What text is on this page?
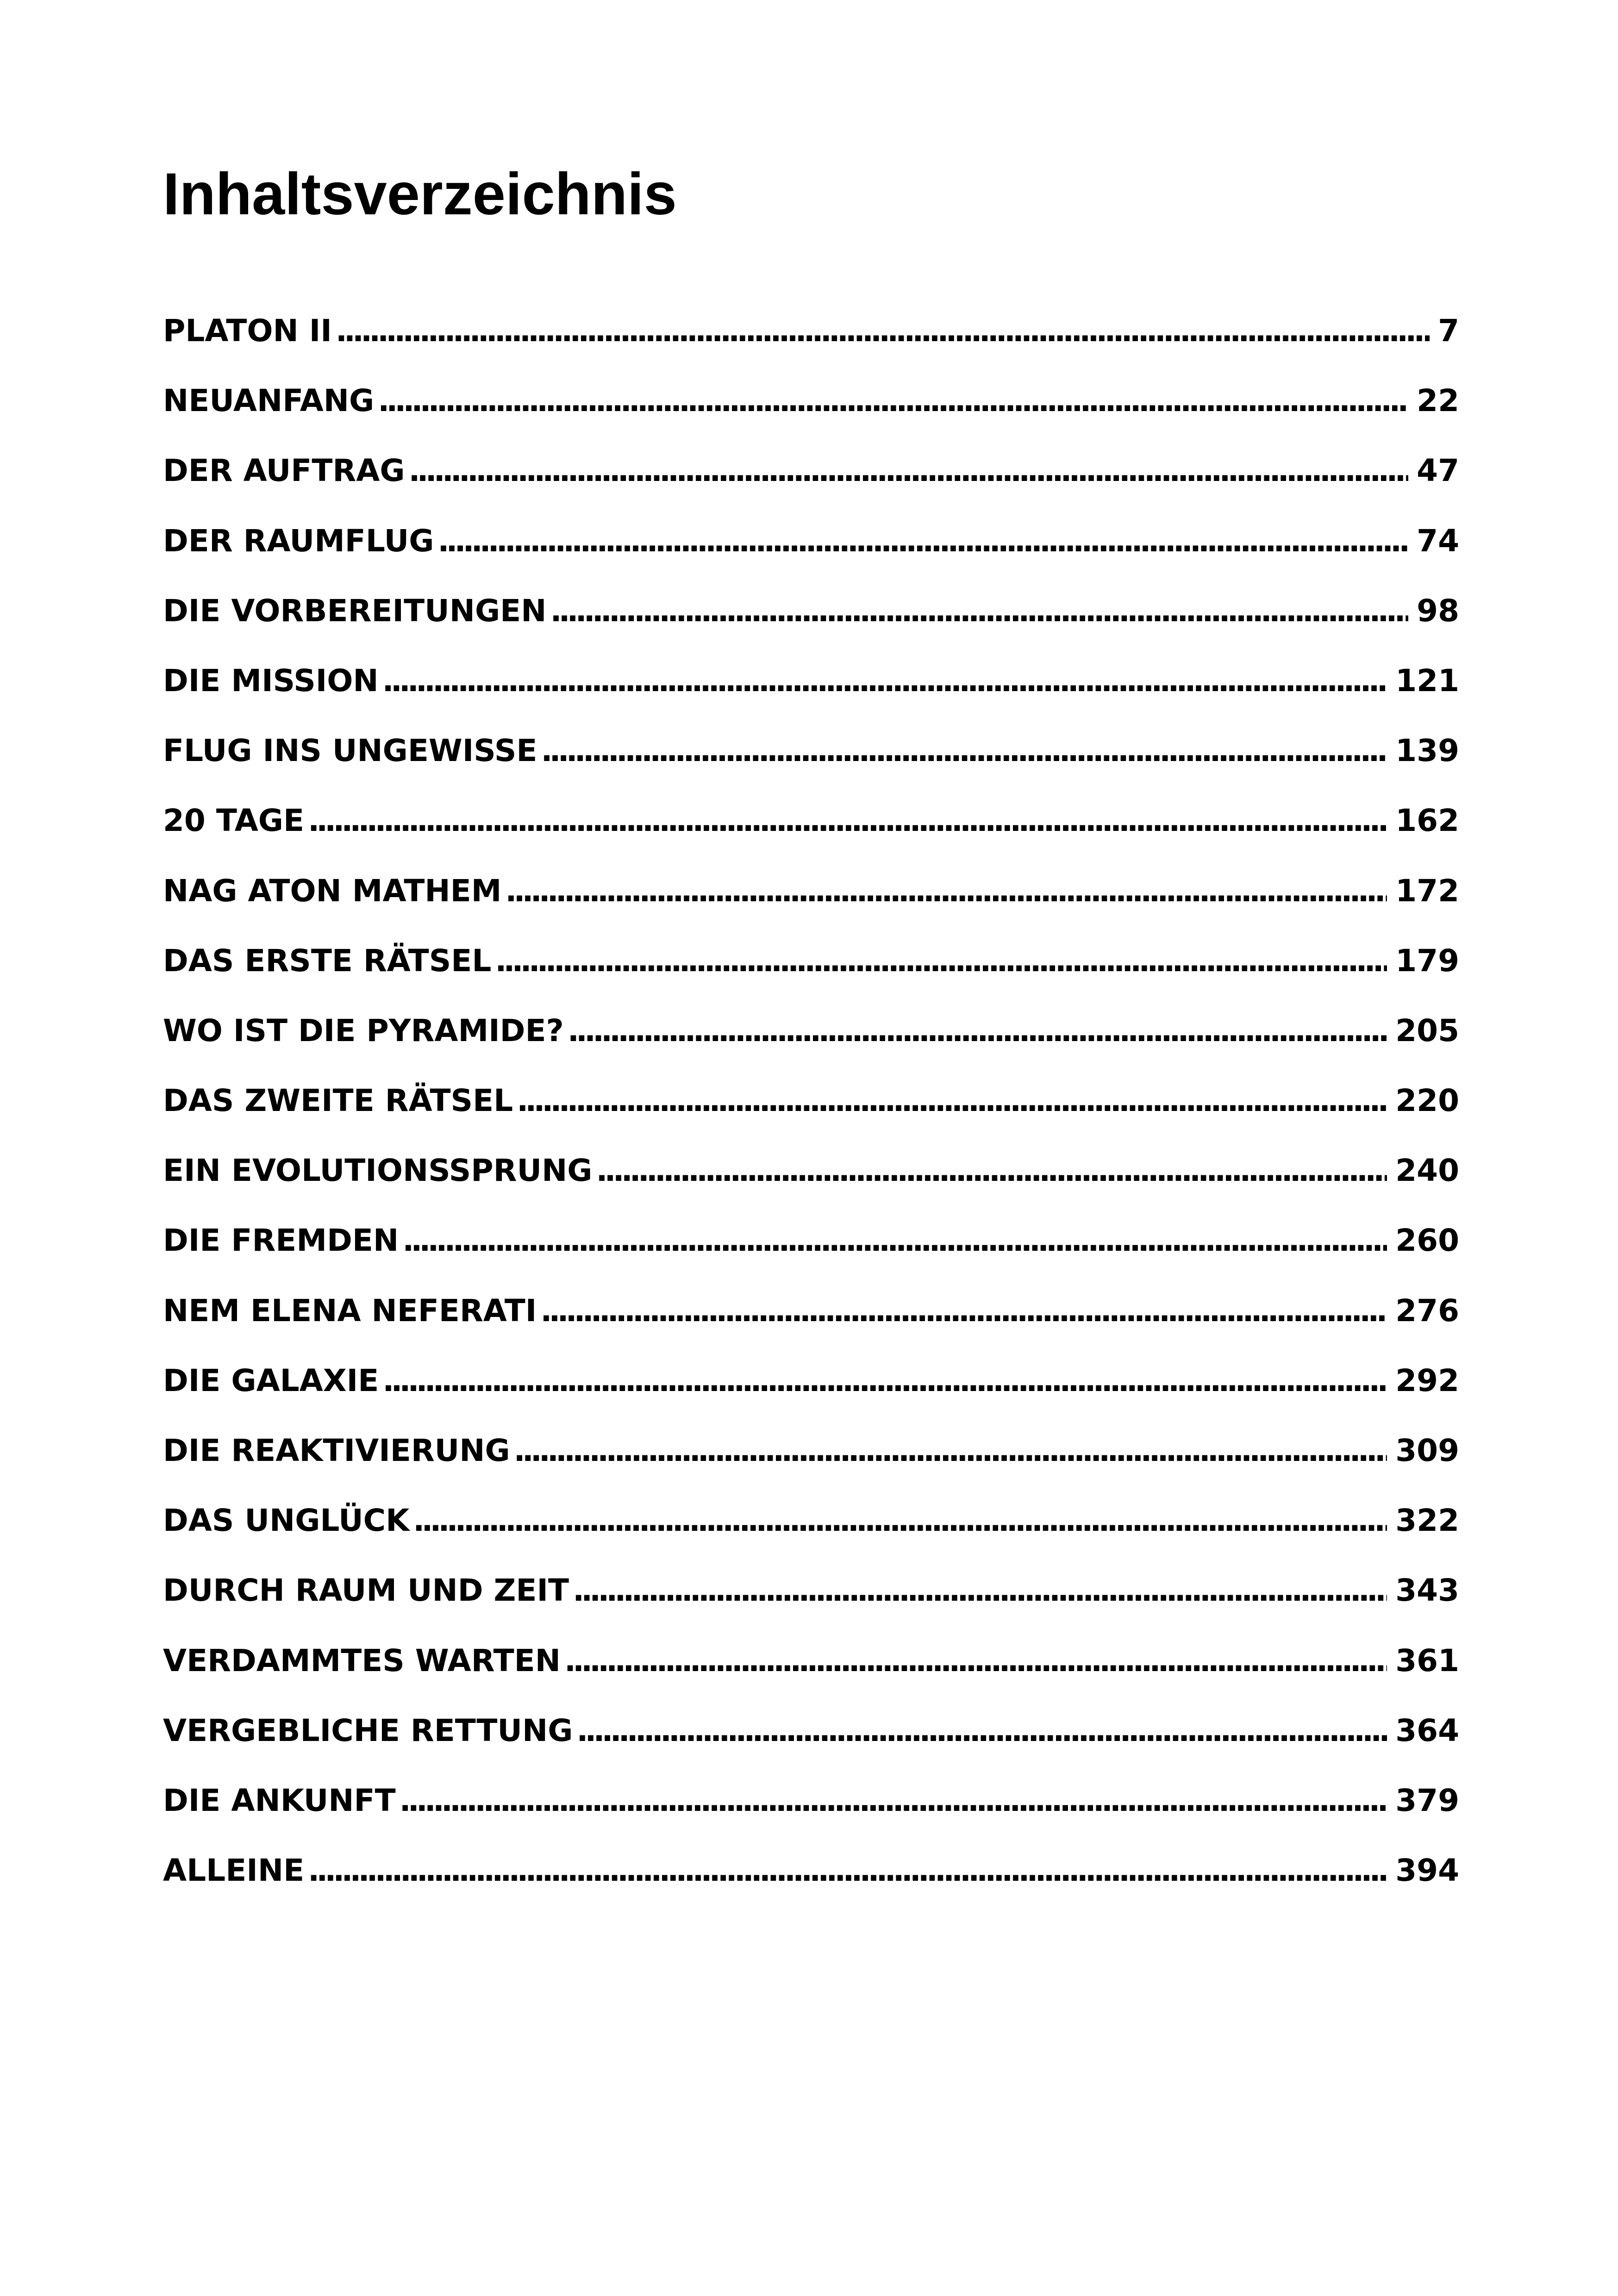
Inhaltsverzeichnis
PLATON II . . .	7
NEUANFANG . . .	22
DER AUFTRAG . . .	47
DER RAUMFLUG . . .	74
DIE VORBEREITUNGEN . . .	98
DIE MISSION . . .	121
FLUG INS UNGEWISSE . . .	139
20 TAGE . . .	162
NAG ATON MATHEM . . .	172
DAS ERSTE RÄTSEL . . .	179
WO IST DIE PYRAMIDE? . . .	205
DAS ZWEITE RÄTSEL . . .	220
EIN EVOLUTIONSSPRUNG . . .	240
DIE FREMDEN . . .	260
NEM ELENA NEFERATI . . .	276
DIE GALAXIE . . .	292
DIE REAKTIVIERUNG . . .	309
DAS UNGLÜCK . . .	322
DURCH RAUM UND ZEIT . . .	343
VERDAMMTES WARTEN . . .	361
VERGEBLICHE RETTUNG . . .	364
DIE ANKUNFT . . .	379
ALLEINE . . .	394
